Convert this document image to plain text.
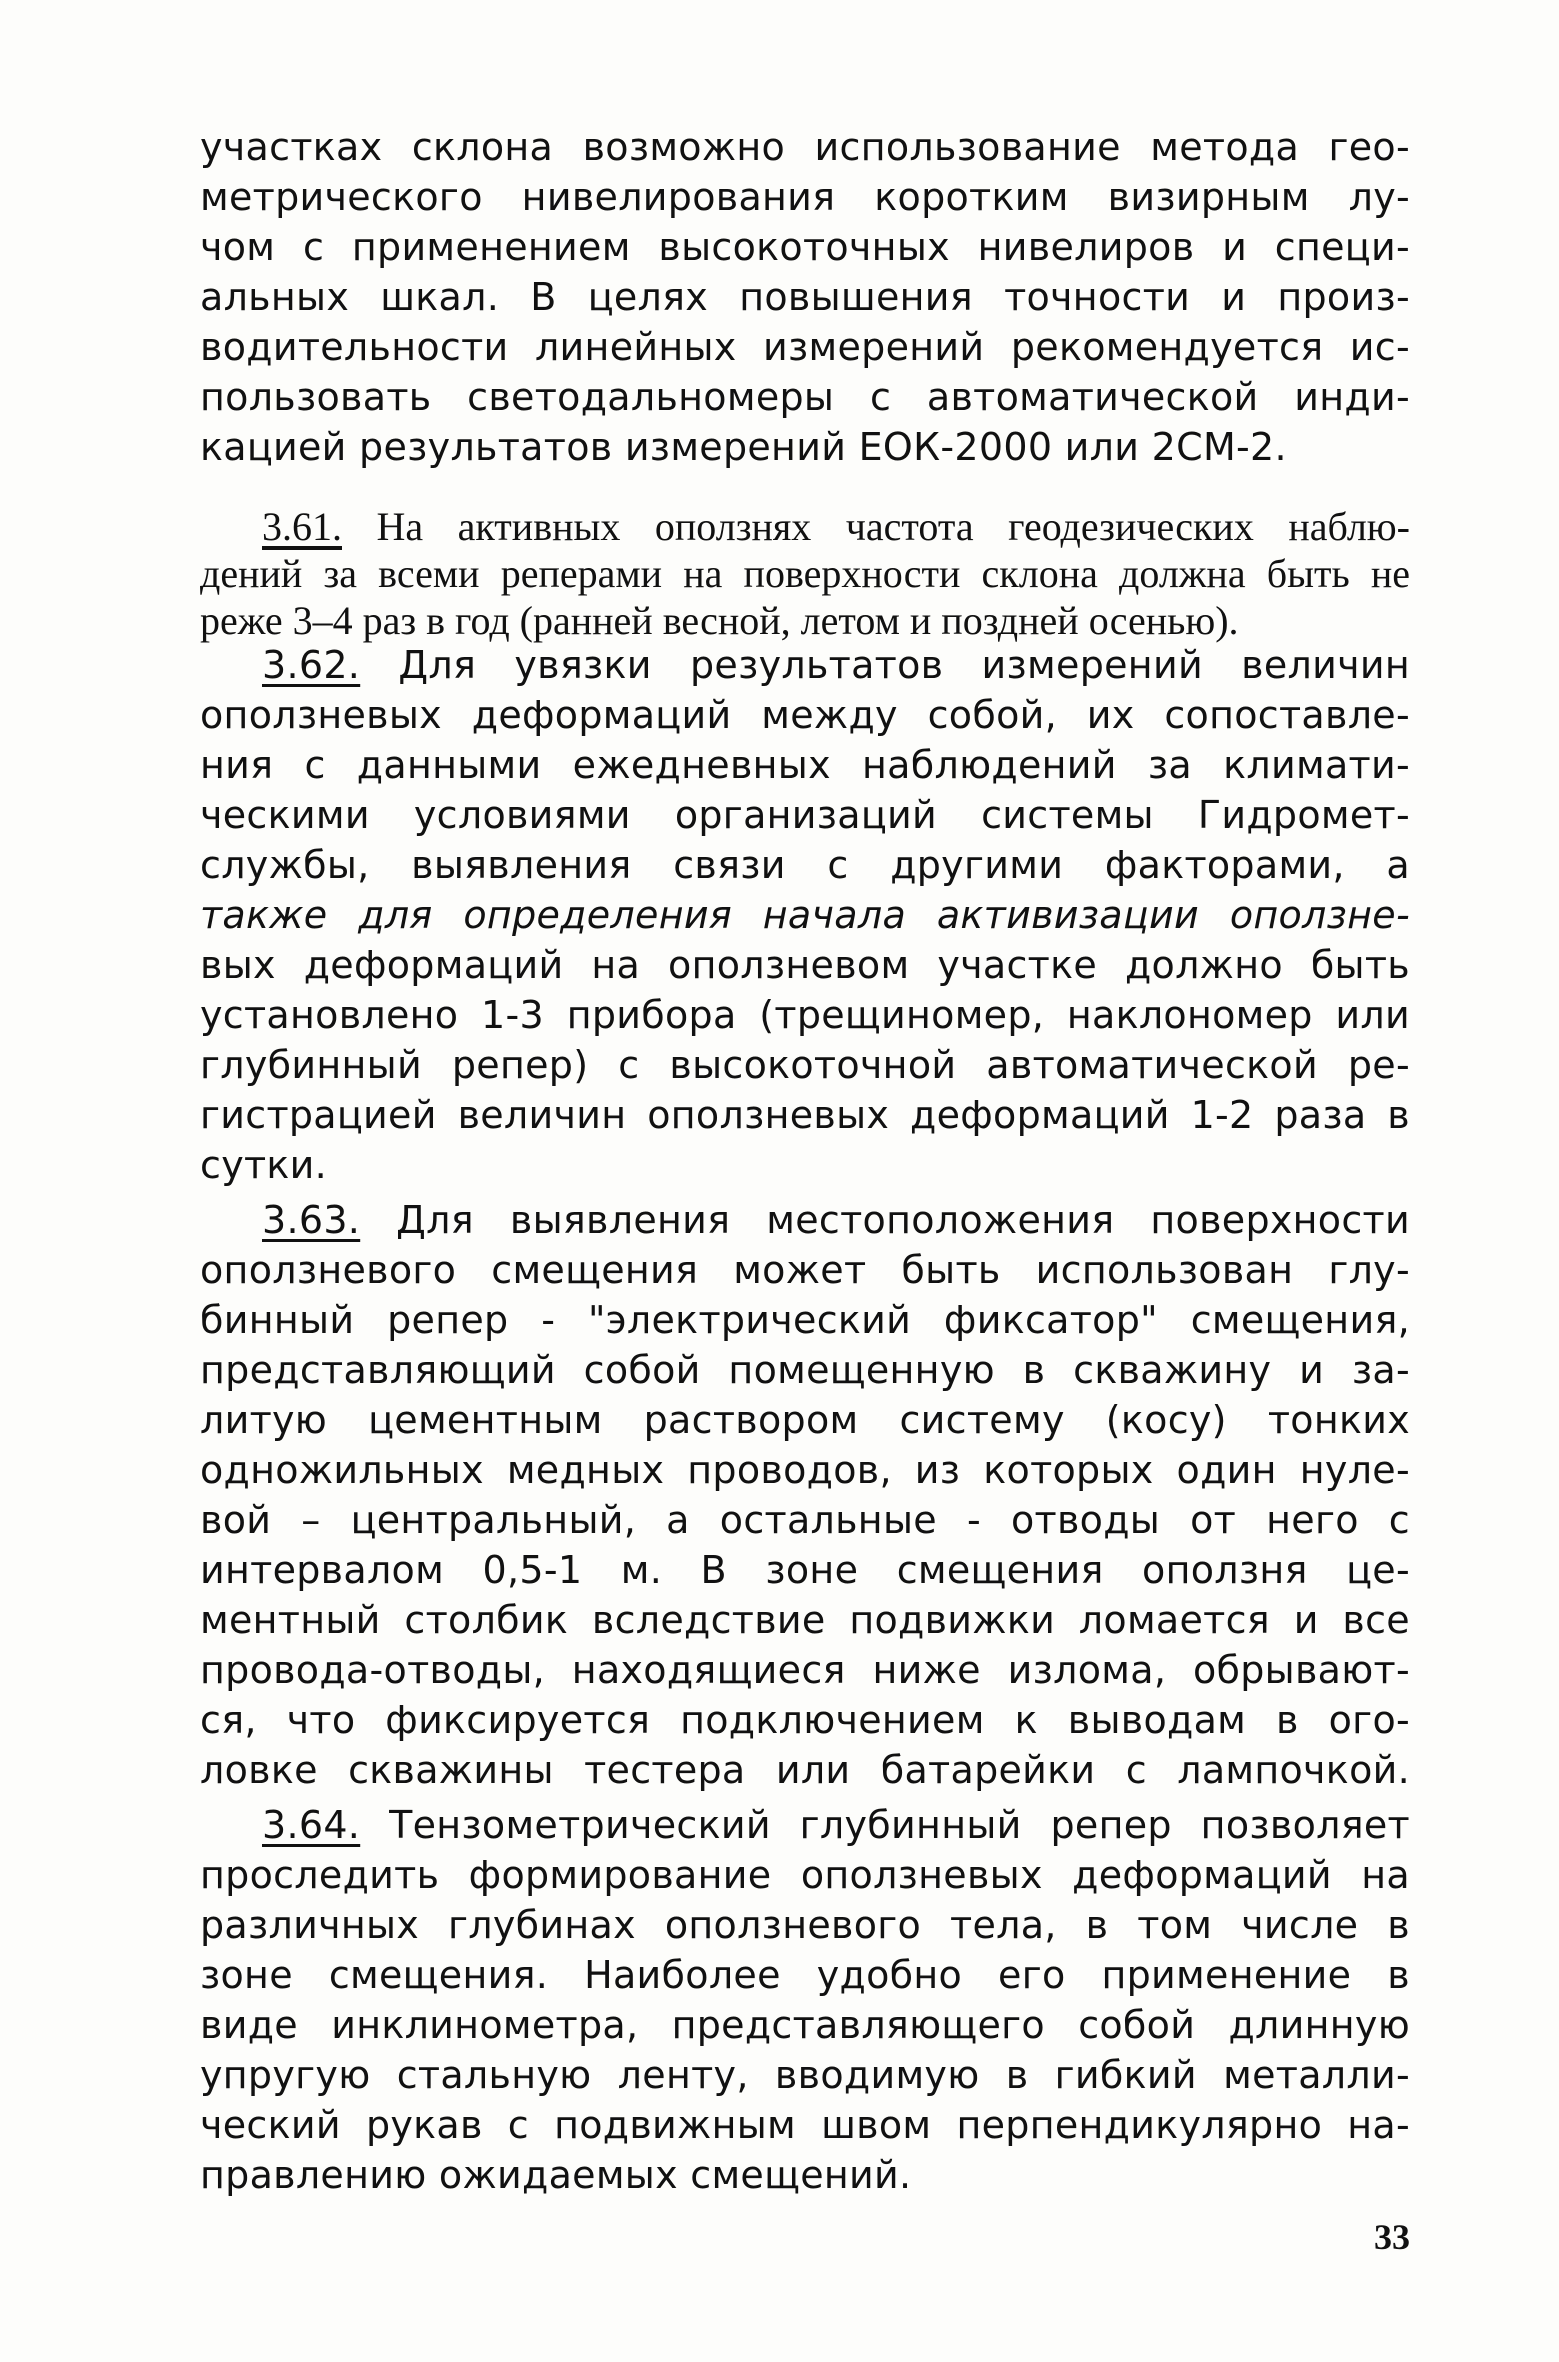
участках склона возможно использование метода гео-
метрического нивелирования коротким визирным лу-
чом с применением высокоточных нивелиров и специ-
альных шкал. В целях повышения точности и произ-
водительности линейных измерений рекомендуется ис-
пользовать светодальномеры с автоматической инди-
кацией результатов измерений ЕОК-2000 или 2СМ-2.
3.61. На активных оползнях частота геодезических наблю-
дений за всеми реперами на поверхности склона должна быть не
реже 3–4 раз в год (ранней весной, летом и поздней осенью).
3.62. Для увязки результатов измерений величин
оползневых деформаций между собой, их сопоставле-
ния с данными ежедневных наблюдений за климати-
ческими условиями организаций системы Гидромет-
службы, выявления связи с другими факторами, а
также для определения начала активизации оползне-
вых деформаций на оползневом участке должно быть
установлено 1-3 прибора (трещиномер, наклономер или
глубинный репер) с высокоточной автоматической ре-
гистрацией величин оползневых деформаций 1-2 раза в
сутки.
3.63. Для выявления местоположения поверхности
оползневого смещения может быть использован глу-
бинный репер - "электрический фиксатор" смещения,
представляющий собой помещенную в скважину и за-
литую цементным раствором систему (косу) тонких
одножильных медных проводов, из которых один нуле-
вой – центральный, а остальные - отводы от него с
интервалом 0,5-1 м. В зоне смещения оползня це-
ментный столбик вследствие подвижки ломается и все
провода-отводы, находящиеся ниже излома, обрывают-
ся, что фиксируется подключением к выводам в ого-
ловке скважины тестера или батарейки с лампочкой.
3.64. Тензометрический глубинный репер позволяет
проследить формирование оползневых деформаций на
различных глубинах оползневого тела, в том числе в
зоне смещения. Наиболее удобно его применение в
виде инклинометра, представляющего собой длинную
упругую стальную ленту, вводимую в гибкий металли-
ческий рукав с подвижным швом перпендикулярно на-
правлению ожидаемых смещений.
33
